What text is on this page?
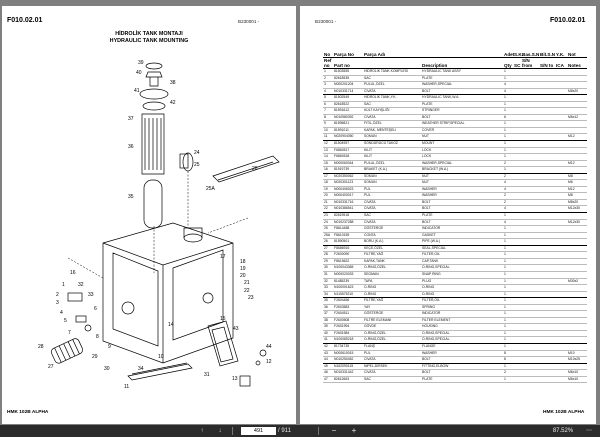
F010.02.01	B230001 -
HİDROLİK TANK MONTAJI
HYDRAULIC TANK MOUNTING
39
40
38
41
42
37
36
35
24
25
25A
26
17
18
19
20
21
22
23
43
44
12
13
14
15
16
1
2
3
4
5
6
7
8
9
10
11
27
28
29
30
31
32
33
34
HMK 102B ALPHA
B230001 -	F010.02.01
No	Parça No	Parça Adı		Adet	S.K.	Bas.S.N	Bit.S.N	Y.K.	Not
Ref no	Part no		Description	Qty	SC	S/N from	S/N to	ICA	Notes
1	81503555	HİDROLİK TANK KOMPLESİ	HYDRAULIC TANK ASSY	1					
2	82618535	SAC	PLATE	1					
3	N000201204	PULUL,ÖZEL	WASHER,SPECIAL	4					
4	N010331714	CIVATA	BOLT	4					M8x20
5	81502549	HİDROLİK TANK,Y.K.	HYDRAULIC TANK,W.A.	1					
6	82618522	SAC	PLATE	1					
7	81591612	KÜLT KAYIŞLIĞI	STRINGER	1					
8	N010980392	CIVATA	BOLT	6					M6x12
9	81595821	FİTİL,ÖZEL	WEATHER STRIP,SPECIAL	1					
10	81591011	KAPAK, MENTEŞELİ	COVER	1					
11	N020904050	SOMUN	NUT	1					M12
12	81504957	SÖNDÜRÜCÜ TAKOZ	MOUNT	1					
13	F6860517	KİLİT	LOCK	1					
14	F6860518	KİLİT	LOCK	1					
15	N000060044	PULUL,ÖZEL	WASHER,SPECIAL	2					M12
16	81919739	BRAKET (K.A.)	BRACKET (W.A.)	1					
17	N020350062	SOMUN	NUT	2					M8
18	N020301123	SOMUN	NUT	4					M6
19	N000406023	PUL	WASHER	4					M12
20	N000400017	PUL	WASHER	2					M8
21	N010331716	CIVATA	BOLT	2					M8x20
22	N010386541	CIVATA	BOLT	4					M12x30
23	82619518	SAC	PLATE	1					
24	N010237288	CIVATA	BOLT	4					M12x30
25	F8614458	GÖSTERGE	INDICATOR	1					
25A	F8610155	CONTA	GASKET	1					
26	81590501	BORU (K.A.)	PIPE (W.A.)	1					
27	F8686915	KEÇE,ÖZEL	SEAL,SPECIAL	1					
28	F2600090	FİLTRE,YAĞ	FILTER,OIL	1					
29	F8615622	KAPAK,TANK	CAP,TANK	1					
30	N100043365	O-RİNG,ÖZEL	O-RING,SPECIAL	1					
31	N000020033	SEGMAN	SNAP RING	1					
32	81485239	TAPA	PLUG	1					M30x2
33	N100001623	O-RİNG	O-RING	1					
34	N115575210	O-RİNG	O-RING	1					
35	F2604456	FİLTRE,YAĞ	FILTER,OIL	1					
36	F2603583	YAY	SPRING	1					
37	F2604511	GÖSTERGE	INDICATOR	1					
38	F2600508	FİLTRE ELEMANI	FILTER ELEMENT	1					
39	F2601994	GÖVDE	HOUSING	1					
40	F2601984	O-RİNG,ÖZEL	O-RING,SPECIAL	1					
41	N100089218	O-RİNG,ÖZEL	O-RING,SPECIAL	1					
42	81734735	FLANŞ	FLANGE	1					
43	N000610015	PUL	WASHER	8					M10
44	N010250452	CIVATA	BOLT	8					M10x25
45	N162090115	NİPEL,DİRSEK	FITTING,ELBOW	1					
46	N010331442	CIVATA	BOLT	2					M6x10
47	82612663	SAC	PLATE	1					M6x10
HMK 102B ALPHA
↑	↓
491	/ 911	−	+	87.52%	⋯
